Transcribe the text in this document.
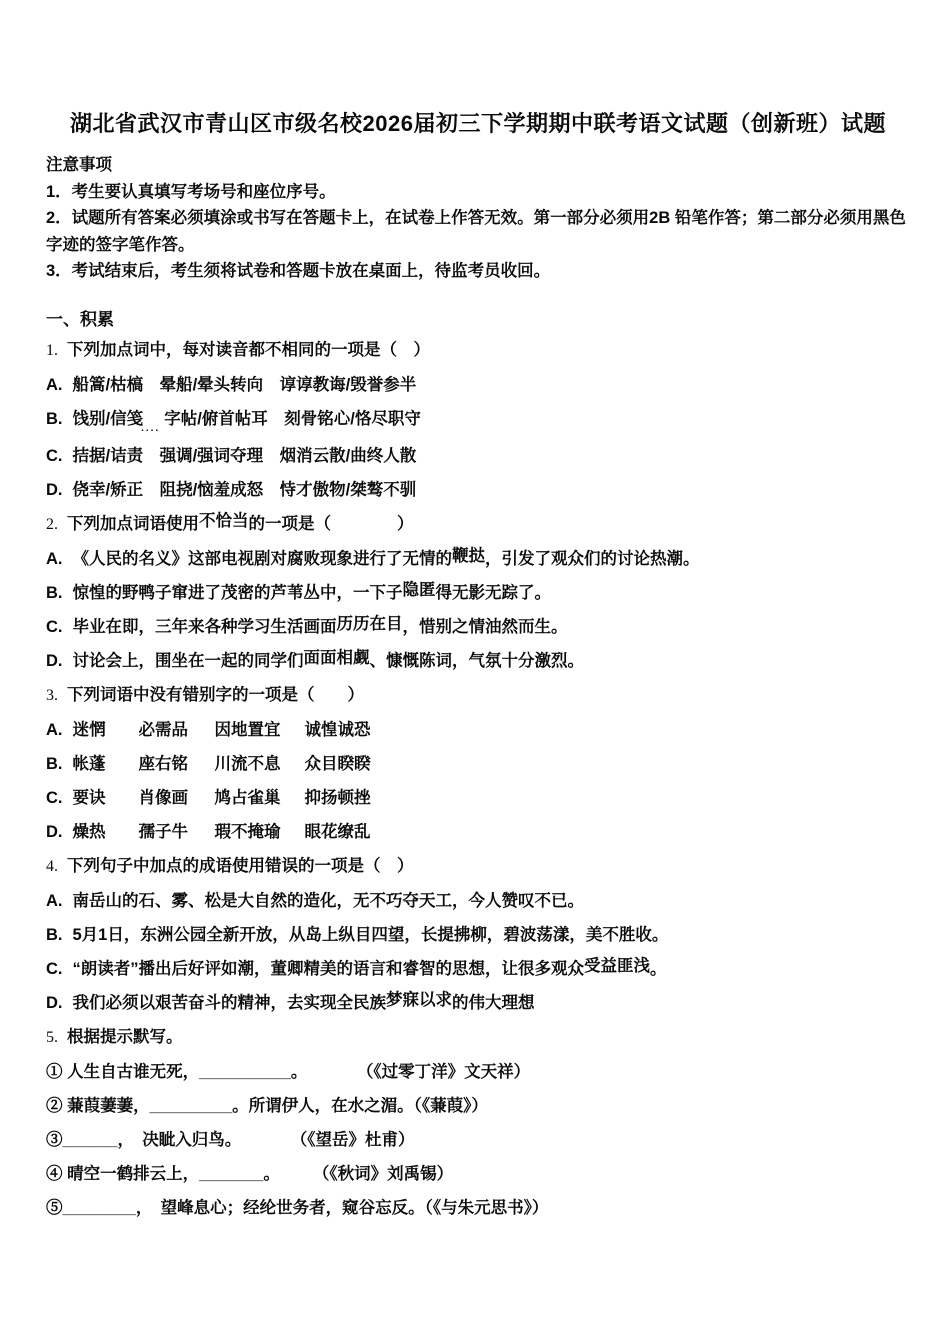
湖北省武汉市青山区市级名校2026届初三下学期期中联考语文试题（创新班）试题

注意事项

1．考生要认真填写考场号和座位序号。

2．试题所有答案必须填涂或书写在答题卡上，在试卷上作答无效。第一部分必须用2B 铅笔作答；第二部分必须用黑色字迹的签字笔作答。

3．考试结束后，考生须将试卷和答题卡放在桌面上，待监考员收回。

一、积累

1. 下列加点词中，每对读音都不相同的一项是（　）

A. 船篙/枯槁　晕船/晕头转向　谆谆教诲/毁誉参半

B. 饯别/信笺$_{....}$字帖/俯首帖耳　刻骨铭心/恪尽职守

C. 拮据/诘责　强调/强词夺理　烟消云散/曲终人散

D. 侥幸/矫正　阻挠/恼羞成怒　恃才傲物/桀骜不驯

2. 下列加点词语使用不恰当的一项是（　　　　）

A. 《人民的名义》这部电视剧对腐败现象进行了无情的鞭挞，引发了观众们的讨论热潮。

B. 惊惶的野鸭子窜进了茂密的芦苇丛中，一下子隐匿得无影无踪了。

C. 毕业在即，三年来各种学习生活画面历历在目，惜别之情油然而生。

D. 讨论会上，围坐在一起的同学们面面相觑、慷慨陈词，气氛十分激烈。

3. 下列词语中没有错别字的一项是（　　）

A. 迷惘 必需品 因地置宜 诚惶诚恐

B. 帐蓬 座右铭 川流不息 众目睽睽

C. 要诀 肖像画 鸠占雀巢 抑扬顿挫

D. 燥热 孺子牛 瑕不掩瑜 眼花缭乱

4. 下列句子中加点的成语使用错误的一项是（　）

A. 南岳山的石、雾、松是大自然的造化，无不巧夺天工，今人赞叹不已。

B. 5月1日，东洲公园全新开放，从岛上纵目四望，长提拂柳，碧波荡漾，美不胜收。

C. “朗读者”播出后好评如潮，董卿精美的语言和睿智的思想，让很多观众受益匪浅。

D. 我们必须以艰苦奋斗的精神，去实现全民族梦寐以求的伟大理想

5. 根据提示默写。

① 人生自古谁无死，__________。　　　　（《过零丁洋》文天祥）

② 蒹葭萋萋，_________。所谓伊人，在水之湄。（《蒹葭》）

③______，　决眦入归鸟。　　　　（《望岳》杜甫）

④ 晴空一鹤排云上，_______。　　　（《秋词》刘禹锡）

⑤________，　望峰息心；经纶世务者，窥谷忘反。（《与朱元思书》）
